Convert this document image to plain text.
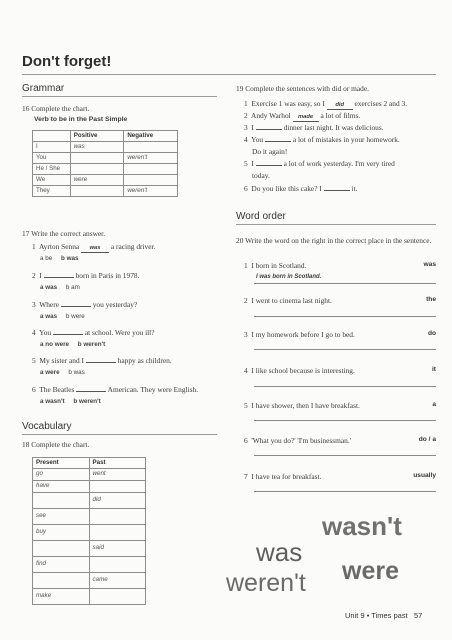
Don't forget!
Grammar
16 Complete the chart.
Verb to be in the Past Simple
	Positive	Negative
I	was	
You		weren't
He / She		
We	were	
They		weren't
17 Write the correct answer.
1 Ayrton Senna was a racing driver.
a be b was
2 I	born in Paris in 1978.
a was b am
3 Where	you yesterday?
a was b were
4 You	at school. Were you ill?
a no were b weren't
5 My sister and I	happy as children.
a were b was
6 The Beatles	American. They were English.
a wasn't b weren't
Vocabulary
18 Complete the chart.
Present	Past
go	went
have	
	did
see	
buy	
	said
find	
	came
make	
19 Complete the sentences with did or made.
1 Exercise 1 was easy, so I did exercises 2 and 3.
2 Andy Warhol made a lot of films.
3 I	dinner last night. It was delicious.
4 You	a lot of mistakes in your homework.
Do it again!
5 I	a lot of work yesterday. I'm very tired
today.
6 Do you like this cake? I	it.
Word order
20 Write the word on the right in the correct place in the sentence.
1 I born in Scotland.	was
I was born in Scotland.
2 I went to cinema last night.	the
3 I my homework before I go to bed.	do
4 I like school because is interesting.	it
5 I have shower, then I have breakfast.	a
6 'What you do?' 'I'm businessman.'	do / a
7 I have tea for breakfast.	usually
wasn't
was
were
weren't
Unit 9 • Times past 57
